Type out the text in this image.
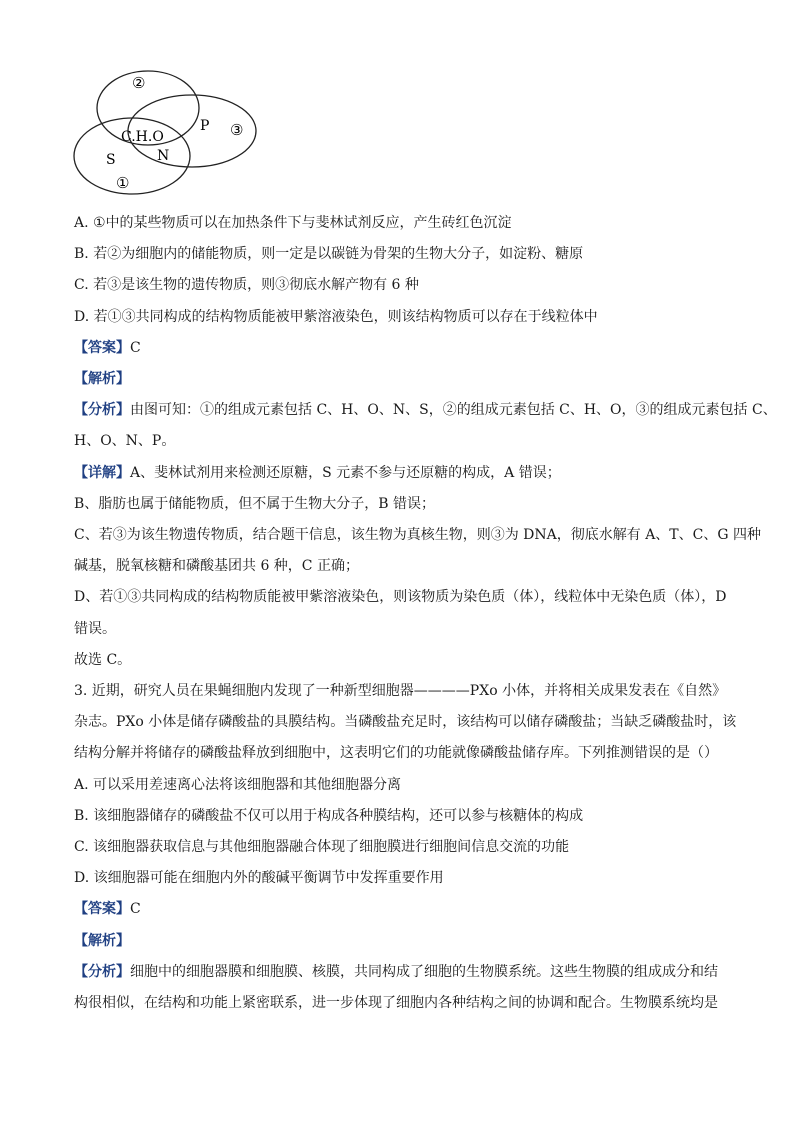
②
③
①
C.H.O
N
P
S
A. ①中的某些物质可以在加热条件下与斐林试剂反应，产生砖红色沉淀
B. 若②为细胞内的储能物质，则一定是以碳链为骨架的生物大分子，如淀粉、糖原
C. 若③是该生物的遗传物质，则③彻底水解产物有 6 种
D. 若①③共同构成的结构物质能被甲紫溶液染色，则该结构物质可以存在于线粒体中
【答案】C
【解析】
【分析】由图可知：①的组成元素包括 C、H、O、N、S，②的组成元素包括 C、H、O，③的组成元素包括 C、
H、O、N、P。
【详解】A、斐林试剂用来检测还原糖，S 元素不参与还原糖的构成，A 错误；
B、脂肪也属于储能物质，但不属于生物大分子，B 错误；
C、若③为该生物遗传物质，结合题干信息，该生物为真核生物，则③为 DNA，彻底水解有 A、T、C、G 四种
碱基，脱氧核糖和磷酸基团共 6 种，C 正确；
D、若①③共同构成的结构物质能被甲紫溶液染色，则该物质为染色质（体），线粒体中无染色质（体），D
错误。
故选 C。
3. 近期，研究人员在果蝇细胞内发现了一种新型细胞器————PXo 小体，并将相关成果发表在《自然》
杂志。PXo 小体是储存磷酸盐的具膜结构。当磷酸盐充足时，该结构可以储存磷酸盐；当缺乏磷酸盐时，该
结构分解并将储存的磷酸盐释放到细胞中，这表明它们的功能就像磷酸盐储存库。下列推测错误的是（）
A. 可以采用差速离心法将该细胞器和其他细胞器分离
B. 该细胞器储存的磷酸盐不仅可以用于构成各种膜结构，还可以参与核糖体的构成
C. 该细胞器获取信息与其他细胞器融合体现了细胞膜进行细胞间信息交流的功能
D. 该细胞器可能在细胞内外的酸碱平衡调节中发挥重要作用
【答案】C
【解析】
【分析】细胞中的细胞器膜和细胞膜、核膜，共同构成了细胞的生物膜系统。这些生物膜的组成成分和结
构很相似，在结构和功能上紧密联系，进一步体现了细胞内各种结构之间的协调和配合。生物膜系统均是
